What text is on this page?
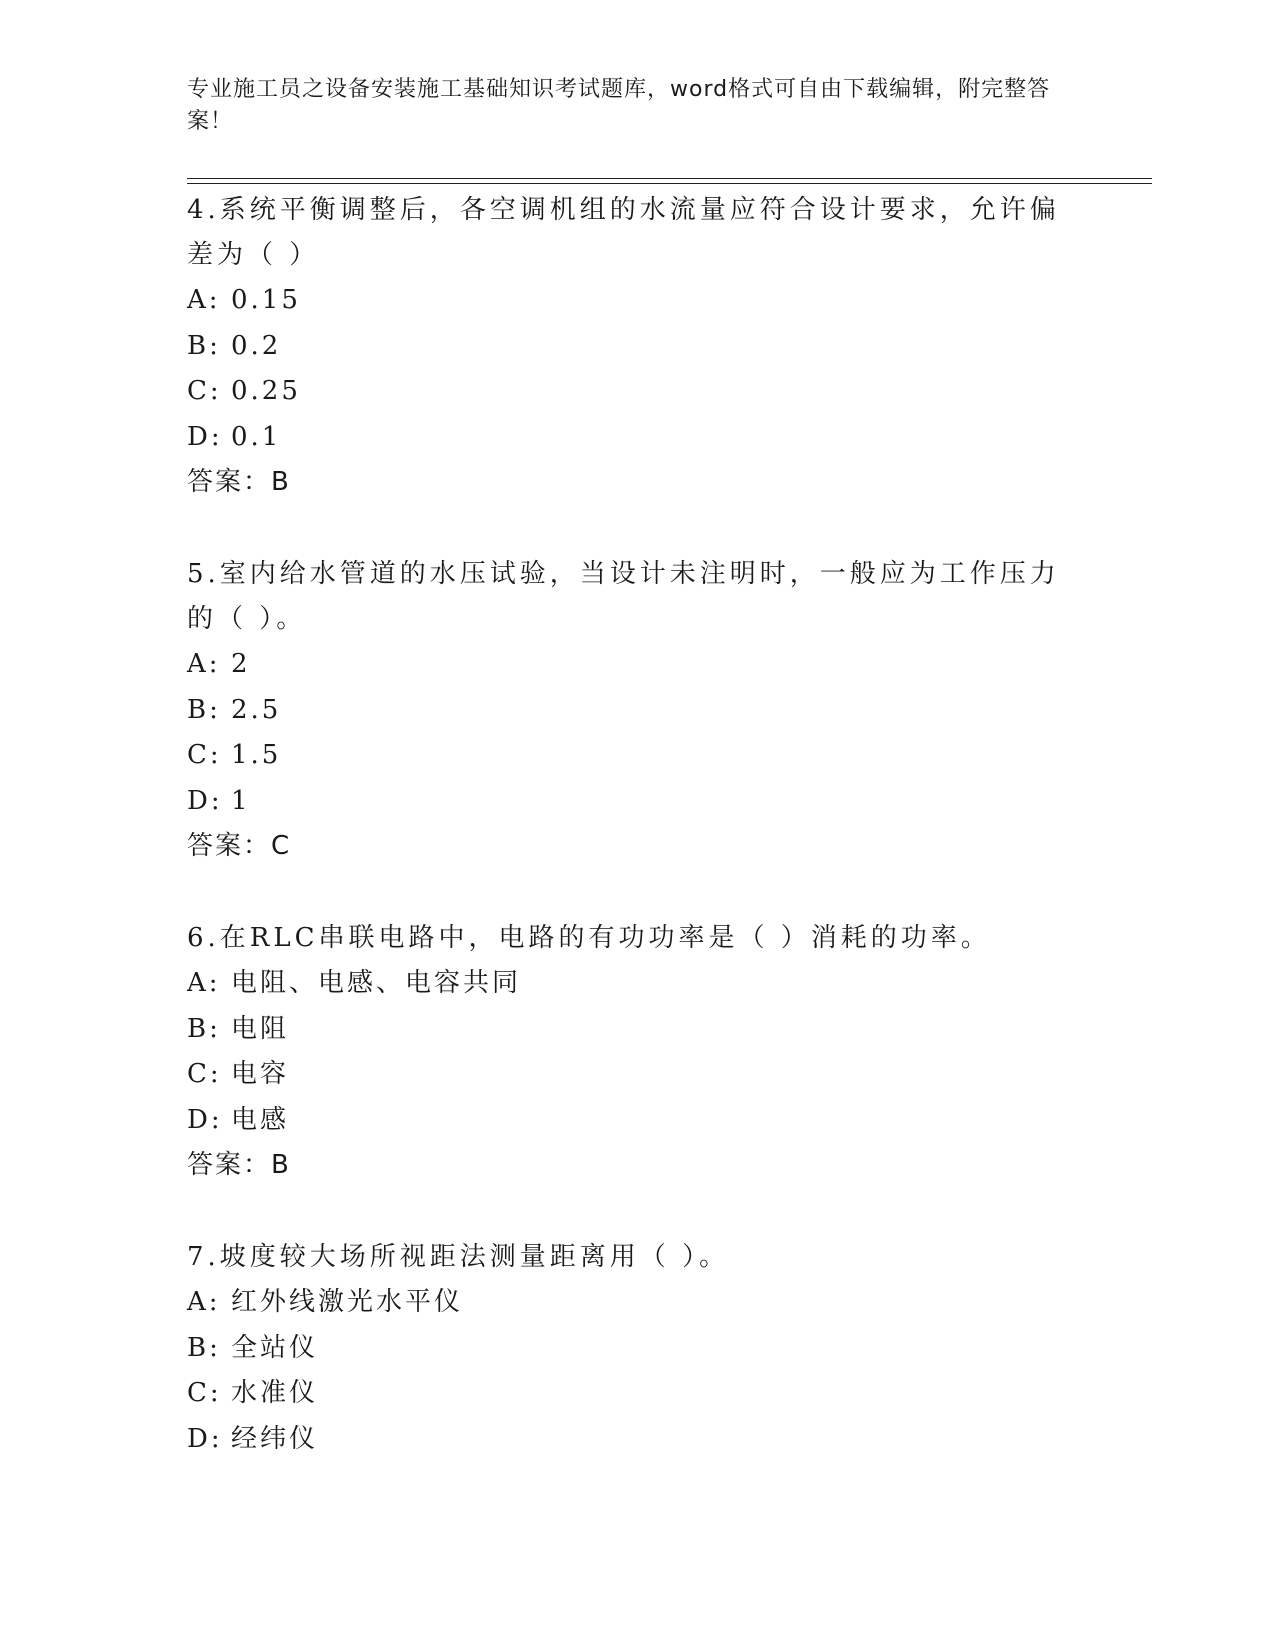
专业施工员之设备安装施工基础知识考试题库，word格式可自由下载编辑，附完整答案！

4.系统平衡调整后，各空调机组的水流量应符合设计要求，允许偏差为（ ）

A: 0.15
B: 0.2
C: 0.25
D: 0.1
答案：B

5.室内给水管道的水压试验，当设计未注明时，一般应为工作压力的（ ）。

A: 2
B: 2.5
C: 1.5
D: 1
答案：C

6.在RLC串联电路中，电路的有功功率是（ ）消耗的功率。

A: 电阻、电感、电容共同
B: 电阻
C: 电容
D: 电感
答案：B

7.坡度较大场所视距法测量距离用（ ）。

A: 红外线激光水平仪
B: 全站仪
C: 水准仪
D: 经纬仪
